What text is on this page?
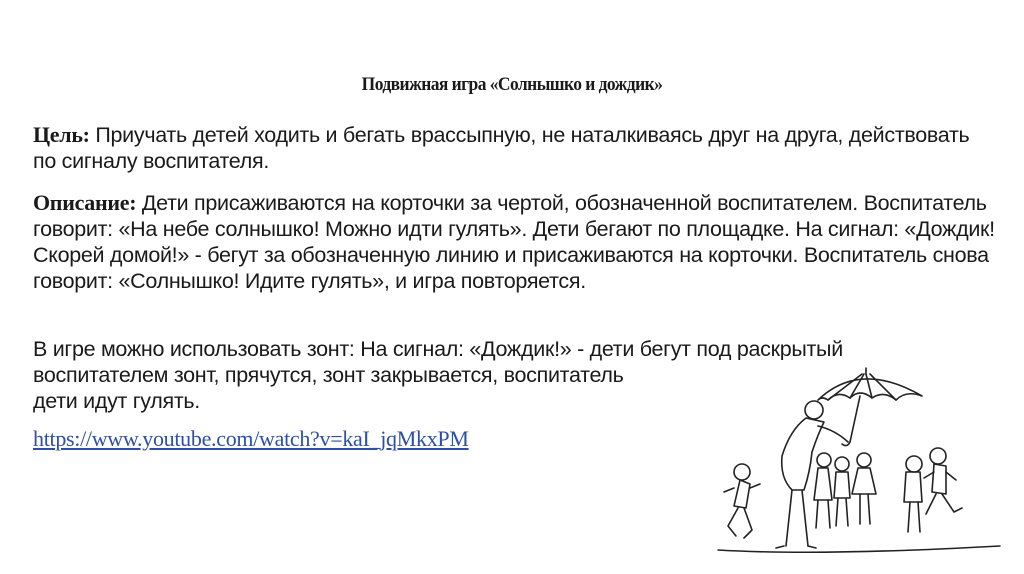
Подвижная игра «Солнышко и дождик»

Цель: Приучать детей ходить и бегать врассыпную, не наталкиваясь друг на друга, действовать по сигналу воспитателя.

Описание: Дети присаживаются на корточки за чертой, обозначенной воспитателем. Воспитатель говорит: «На небе солнышко! Можно идти гулять». Дети бегают по площадке. На сигнал: «Дождик! Скорей домой!» - бегут за обозначенную линию и присаживаются на корточки. Воспитатель снова говорит: «Солнышко! Идите гулять», и игра повторяется.

В игре можно использовать зонт: На сигнал: «Дождик!» - дети бегут под раскрытый воспитателем зонт, прячутся, зонт закрывается, воспитатель
дети идут гулять.

https://www.youtube.com/watch?v=kaI_jqMkxPM
